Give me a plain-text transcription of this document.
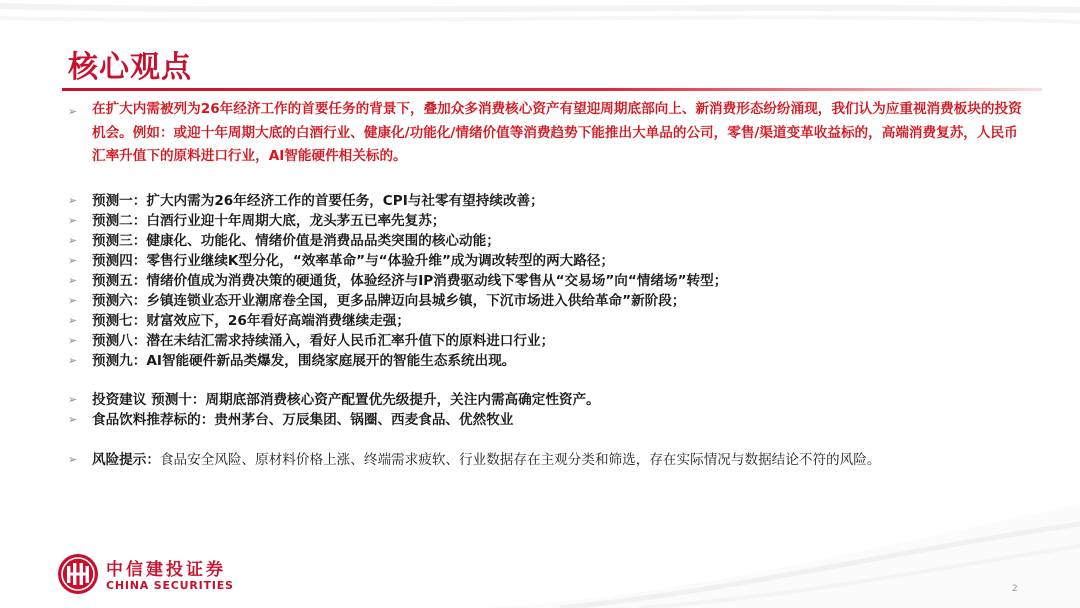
核心观点
➢ 在扩大内需被列为26年经济工作的首要任务的背景下，叠加众多消费核心资产有望迎周期底部向上、新消费形态纷纷涌现，我们认为应重视消费板块的投资机会。例如：或迎十年周期大底的白酒行业、健康化/功能化/情绪价值等消费趋势下能推出大单品的公司，零售/渠道变革收益标的，高端消费复苏，人民币汇率升值下的原料进口行业，AI智能硬件相关标的。
➢ 预测一：扩大内需为26年经济工作的首要任务，CPI与社零有望持续改善；
➢ 预测二：白酒行业迎十年周期大底，龙头茅五已率先复苏；
➢ 预测三：健康化、功能化、情绪价值是消费品品类突围的核心动能；
➢ 预测四：零售行业继续K型分化，“效率革命”与“体验升维”成为调改转型的两大路径；
➢ 预测五：情绪价值成为消费决策的硬通货，体验经济与IP消费驱动线下零售从“交易场”向“情绪场”转型；
➢ 预测六：乡镇连锁业态开业潮席卷全国，更多品牌迈向县城乡镇，下沉市场进入供给革命”新阶段；
➢ 预测七：财富效应下，26年看好高端消费继续走强；
➢ 预测八：潜在未结汇需求持续涌入，看好人民币汇率升值下的原料进口行业；
➢ 预测九：AI智能硬件新品类爆发，围绕家庭展开的智能生态系统出现。
➢ 投资建议 预测十：周期底部消费核心资产配置优先级提升，关注内需高确定性资产。
➢ 食品饮料推荐标的：贵州茅台、万辰集团、锅圈、西麦食品、优然牧业
➢ 风险提示：食品安全风险、原材料价格上涨、终端需求疲软、行业数据存在主观分类和筛选，存在实际情况与数据结论不符的风险。
中信建投证券
CHINA SECURITIES	2
